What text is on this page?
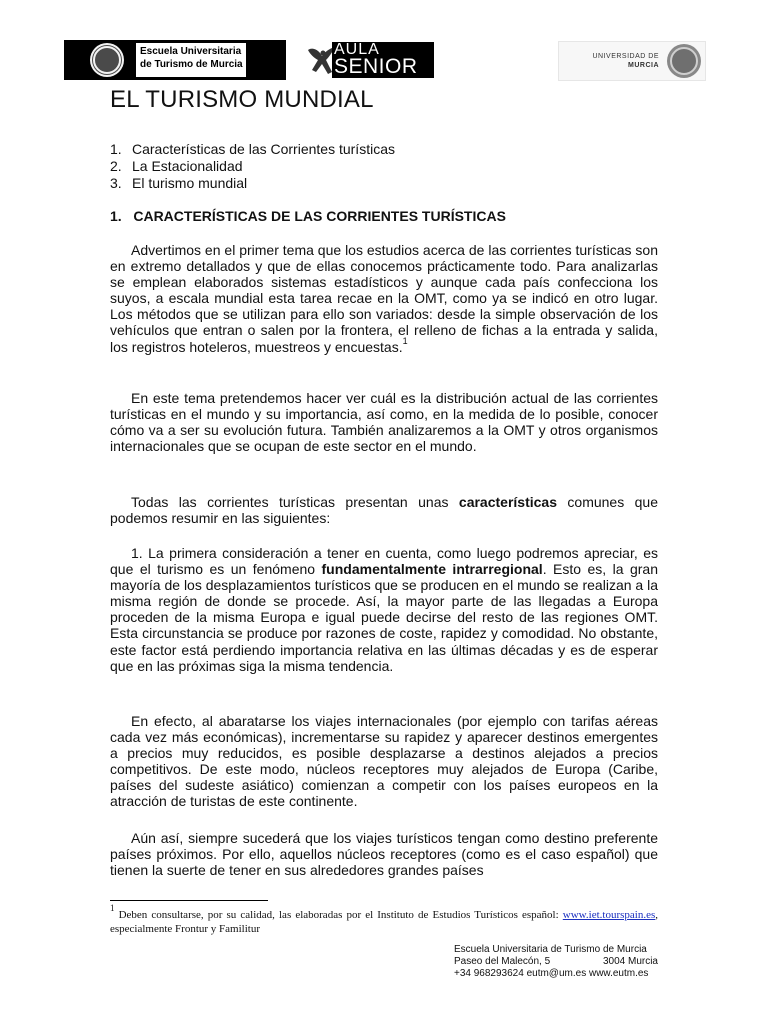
Escuela Universitaria
de Turismo de Murcia
AULA
SENIOR	UNIVERSIDAD DE
MURCIA
EL TURISMO MUNDIAL
1. Características de las Corrientes turísticas
2. La Estacionalidad
3. El turismo mundial
1.   CARACTERÍSTICAS DE LAS CORRIENTES TURÍSTICAS

Advertimos en el primer tema que los estudios acerca de las corrientes turísticas son en extremo detallados y que de ellas conocemos prácticamente todo. Para analizarlas se emplean elaborados sistemas estadísticos y aunque cada país confecciona los suyos, a escala mundial esta tarea recae en la OMT, como ya se indicó en otro lugar. Los métodos que se utilizan para ello son variados: desde la simple observación de los vehículos que entran o salen por la frontera, el relleno de fichas a la entrada y salida, los registros hoteleros, muestreos y encuestas.$^1$

En este tema pretendemos hacer ver cuál es la distribución actual de las corrientes turísticas en el mundo y su importancia, así como, en la medida de lo posible, conocer cómo va a ser su evolución futura. También analizaremos a la OMT y otros organismos internacionales que se ocupan de este sector en el mundo.

Todas las corrientes turísticas presentan unas características comunes que podemos resumir en las siguientes:

1. La primera consideración a tener en cuenta, como luego podremos apreciar, es que el turismo es un fenómeno fundamentalmente intrarregional. Esto es, la gran mayoría de los desplazamientos turísticos que se producen en el mundo se realizan a la misma región de donde se procede. Así, la mayor parte de las llegadas a Europa proceden de la misma Europa e igual puede decirse del resto de las regiones OMT. Esta circunstancia se produce por razones de coste, rapidez y comodidad. No obstante, este factor está perdiendo importancia relativa en las últimas décadas y es de esperar que en las próximas siga la misma tendencia.

En efecto, al abaratarse los viajes internacionales (por ejemplo con tarifas aéreas cada vez más económicas), incrementarse su rapidez y aparecer destinos emergentes a precios muy reducidos, es posible desplazarse a destinos alejados a precios competitivos. De este modo, núcleos receptores muy alejados de Europa (Caribe, países del sudeste asiático) comienzan a competir con los países europeos en la atracción de turistas de este continente.

Aún así, siempre sucederá que los viajes turísticos tengan como destino preferente países próximos. Por ello, aquellos núcleos receptores (como es el caso español) que tienen la suerte de tener en sus alrededores grandes países

$^1$ Deben consultarse, por su calidad, las elaboradas por el Instituto de Estudios Turísticos español: www.iet.tourspain.es, especialmente Frontur y Familitur

Escuela Universitaria de Turismo de Murcia
Paseo del Malecón, 5	3004 Murcia
+34 968293624 eutm@um.es www.eutm.es
